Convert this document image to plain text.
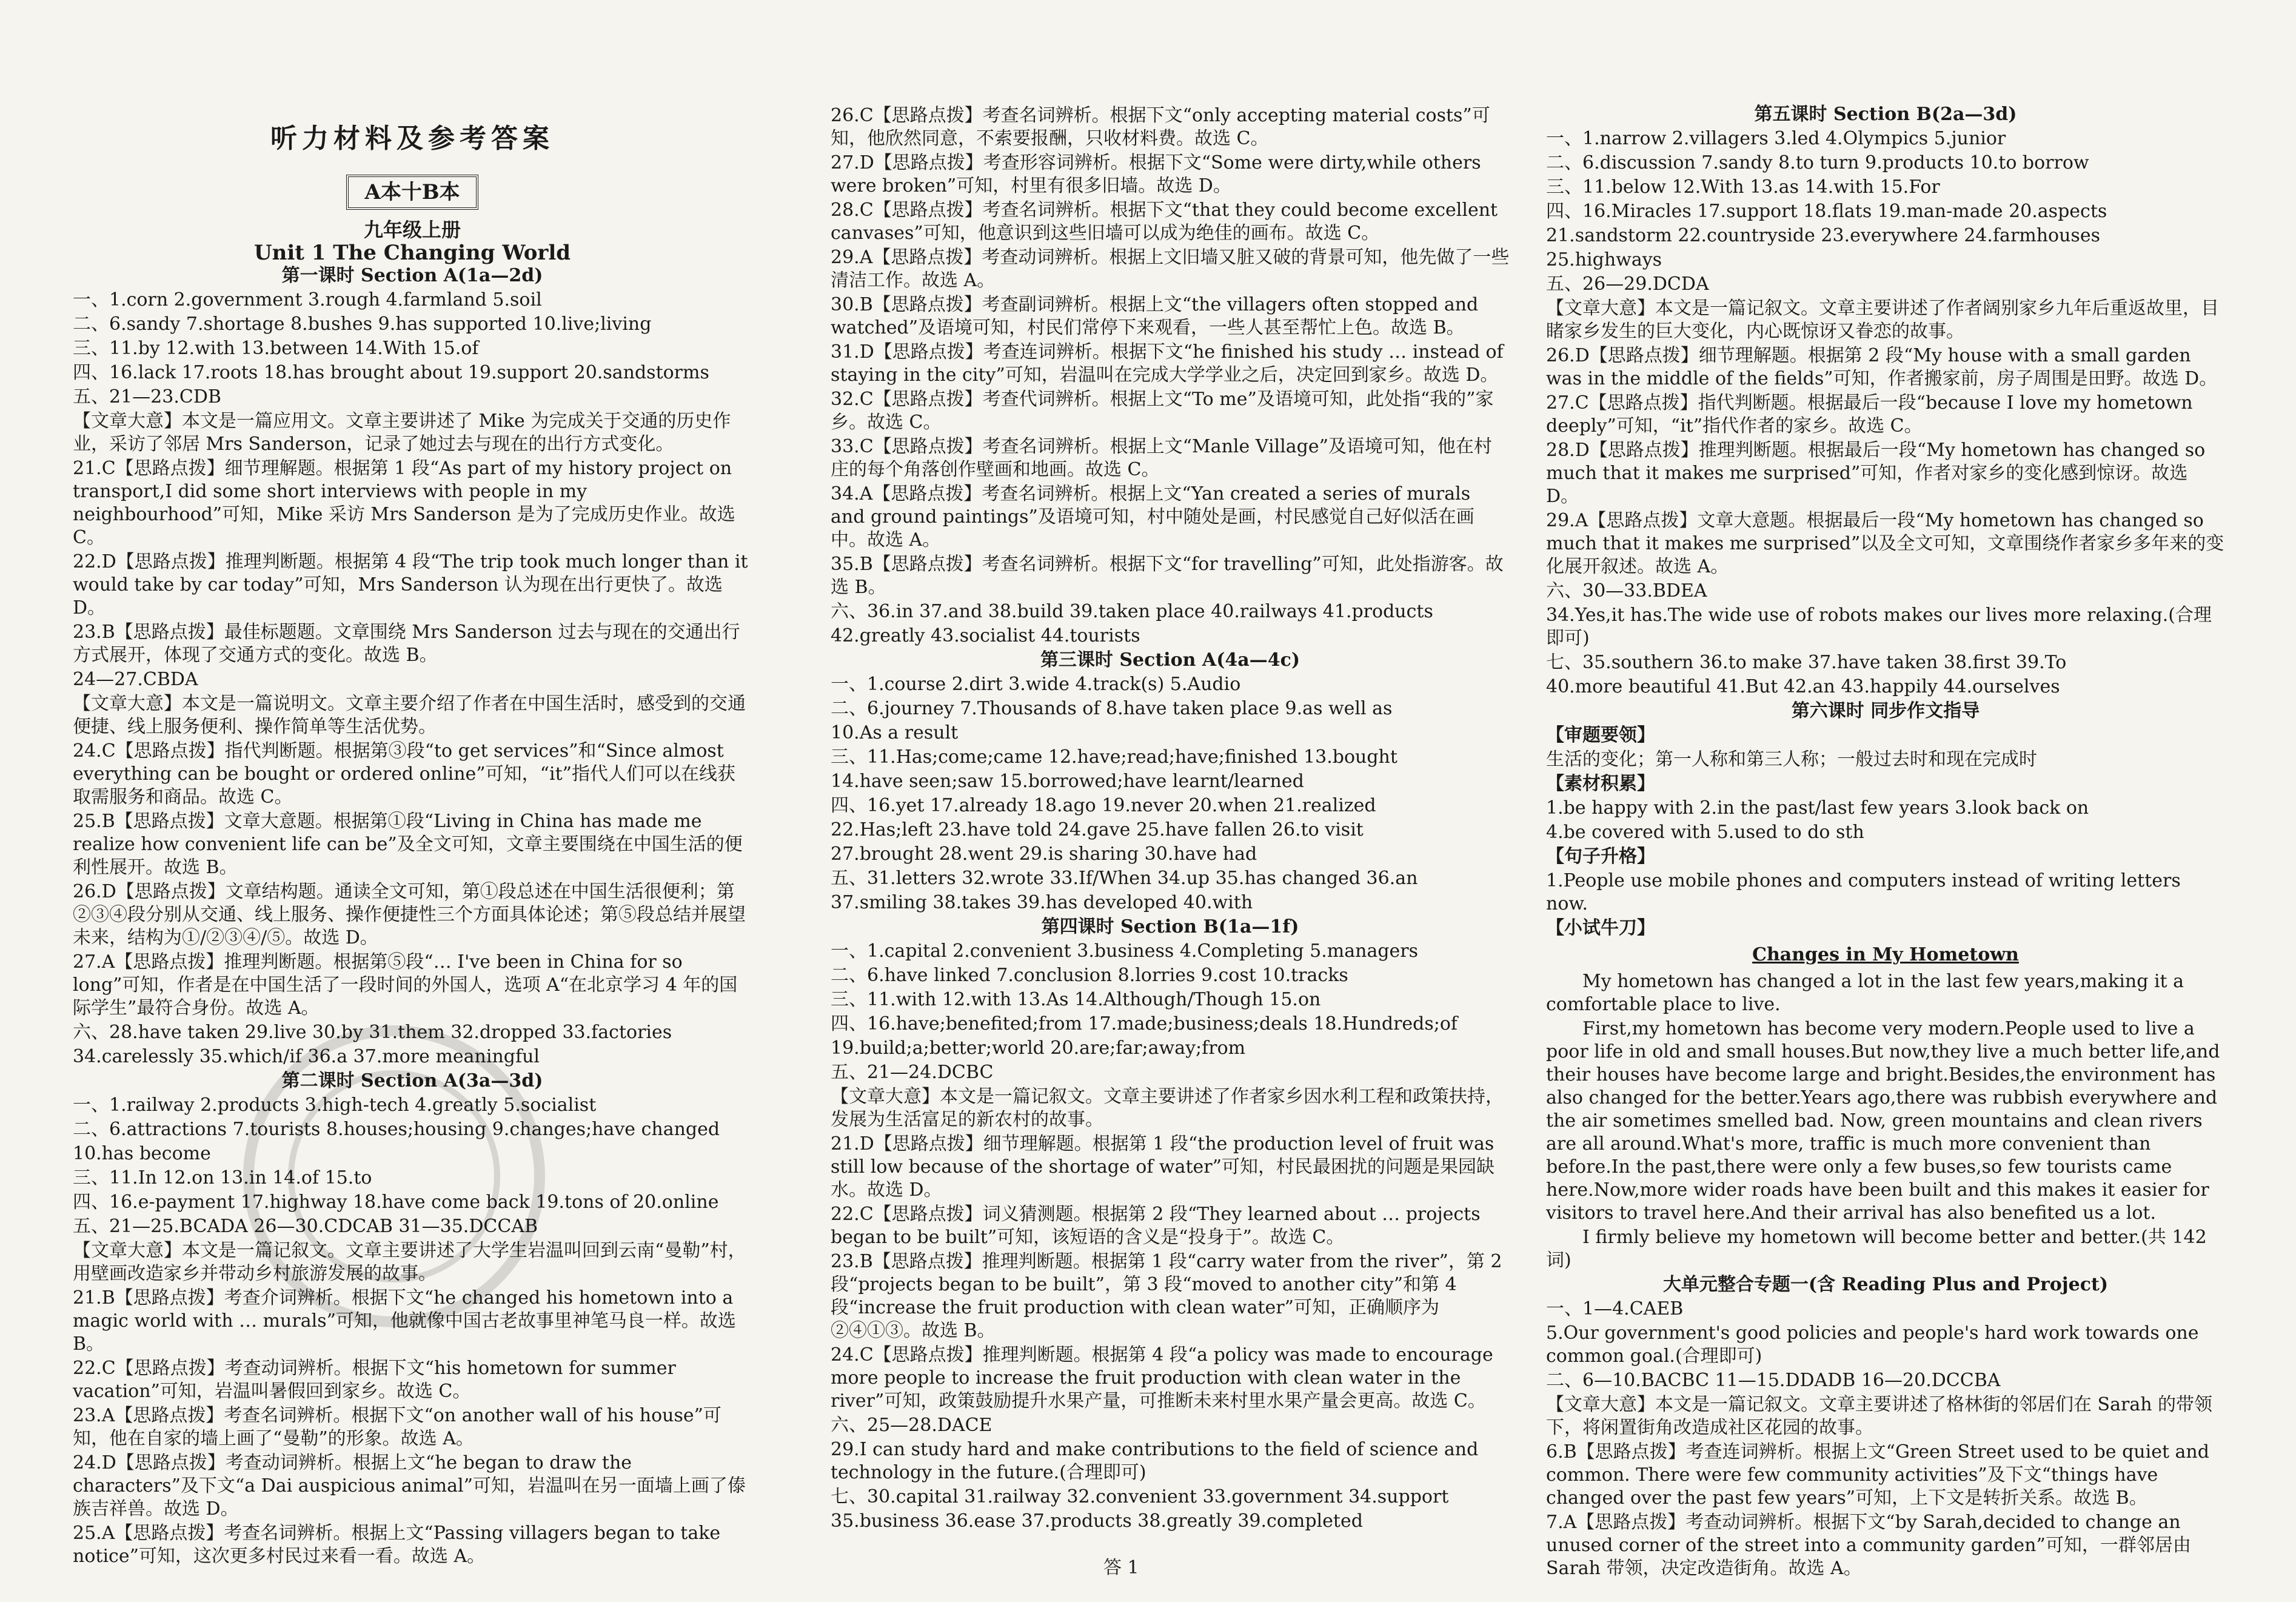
听力材料及参考答案
A本十B本
九年级上册
Unit 1 The Changing World
第一课时 Section A(1a—2d)
一、1.corn 2.government 3.rough 4.farmland 5.soil
二、6.sandy 7.shortage 8.bushes 9.has supported 10.live;living
三、11.by 12.with 13.between 14.With 15.of
四、16.lack 17.roots 18.has brought about 19.support 20.sandstorms
五、21—23.CDB
【文章大意】本文是一篇应用文。文章主要讲述了 Mike 为完成关于交通的历史作业，采访了邻居 Mrs Sanderson，记录了她过去与现在的出行方式变化。
21.C【思路点拨】细节理解题。根据第 1 段“As part of my history project on transport,I did some short interviews with people in my neighbourhood”可知，Mike 采访 Mrs Sanderson 是为了完成历史作业。故选 C。
22.D【思路点拨】推理判断题。根据第 4 段“The trip took much longer than it would take by car today”可知，Mrs Sanderson 认为现在出行更快了。故选 D。
23.B【思路点拨】最佳标题题。文章围绕 Mrs Sanderson 过去与现在的交通出行方式展开，体现了交通方式的变化。故选 B。
24—27.CBDA
【文章大意】本文是一篇说明文。文章主要介绍了作者在中国生活时，感受到的交通便捷、线上服务便利、操作简单等生活优势。
24.C【思路点拨】指代判断题。根据第③段“to get services”和“Since almost everything can be bought or ordered online”可知，“it”指代人们可以在线获取需服务和商品。故选 C。
25.B【思路点拨】文章大意题。根据第①段“Living in China has made me realize how convenient life can be”及全文可知，文章主要围绕在中国生活的便利性展开。故选 B。
26.D【思路点拨】文章结构题。通读全文可知，第①段总述在中国生活很便利；第②③④段分别从交通、线上服务、操作便捷性三个方面具体论述；第⑤段总结并展望未来，结构为①/②③④/⑤。故选 D。
27.A【思路点拨】推理判断题。根据第⑤段“… I've been in China for so long”可知，作者是在中国生活了一段时间的外国人，选项 A“在北京学习 4 年的国际学生”最符合身份。故选 A。
六、28.have taken 29.live 30.by 31.them 32.dropped 33.factories
34.carelessly 35.which/if 36.a 37.more meaningful
第二课时 Section A(3a—3d)
一、1.railway 2.products 3.high-tech 4.greatly 5.socialist
二、6.attractions 7.tourists 8.houses;housing 9.changes;have changed
10.has become
三、11.In 12.on 13.in 14.of 15.to
四、16.e-payment 17.highway 18.have come back 19.tons of 20.online
五、21—25.BCADA 26—30.CDCAB 31—35.DCCAB
【文章大意】本文是一篇记叙文。文章主要讲述了大学生岩温叫回到云南“曼勒”村，用壁画改造家乡并带动乡村旅游发展的故事。
21.B【思路点拨】考查介词辨析。根据下文“he changed his hometown into a magic world with … murals”可知，他就像中国古老故事里神笔马良一样。故选 B。
22.C【思路点拨】考查动词辨析。根据下文“his hometown for summer vacation”可知，岩温叫暑假回到家乡。故选 C。
23.A【思路点拨】考查名词辨析。根据下文“on another wall of his house”可知，他在自家的墙上画了“曼勒”的形象。故选 A。
24.D【思路点拨】考查动词辨析。根据上文“he began to draw the characters”及下文“a Dai auspicious animal”可知，岩温叫在另一面墙上画了傣族吉祥兽。故选 D。
25.A【思路点拨】考查名词辨析。根据上文“Passing villagers began to take notice”可知，这次更多村民过来看一看。故选 A。
26.C【思路点拨】考查名词辨析。根据下文“only accepting material costs”可知，他欣然同意，不索要报酬，只收材料费。故选 C。
27.D【思路点拨】考查形容词辨析。根据下文“Some were dirty,while others were broken”可知，村里有很多旧墙。故选 D。
28.C【思路点拨】考查名词辨析。根据下文“that they could become excellent canvases”可知，他意识到这些旧墙可以成为绝佳的画布。故选 C。
29.A【思路点拨】考查动词辨析。根据上文旧墙又脏又破的背景可知，他先做了一些清洁工作。故选 A。
30.B【思路点拨】考查副词辨析。根据上文“the villagers often stopped and watched”及语境可知，村民们常停下来观看，一些人甚至帮忙上色。故选 B。
31.D【思路点拨】考查连词辨析。根据下文“he finished his study … instead of staying in the city”可知，岩温叫在完成大学学业之后，决定回到家乡。故选 D。
32.C【思路点拨】考查代词辨析。根据上文“To me”及语境可知，此处指“我的”家乡。故选 C。
33.C【思路点拨】考查名词辨析。根据上文“Manle Village”及语境可知，他在村庄的每个角落创作壁画和地画。故选 C。
34.A【思路点拨】考查名词辨析。根据上文“Yan created a series of murals and ground paintings”及语境可知，村中随处是画，村民感觉自己好似活在画中。故选 A。
35.B【思路点拨】考查名词辨析。根据下文“for travelling”可知，此处指游客。故选 B。
六、36.in 37.and 38.build 39.taken place 40.railways 41.products
42.greatly 43.socialist 44.tourists
第三课时 Section A(4a—4c)
一、1.course 2.dirt 3.wide 4.track(s) 5.Audio
二、6.journey 7.Thousands of 8.have taken place 9.as well as
10.As a result
三、11.Has;come;came 12.have;read;have;finished 13.bought
14.have seen;saw 15.borrowed;have learnt/learned
四、16.yet 17.already 18.ago 19.never 20.when 21.realized
22.Has;left 23.have told 24.gave 25.have fallen 26.to visit
27.brought 28.went 29.is sharing 30.have had
五、31.letters 32.wrote 33.If/When 34.up 35.has changed 36.an
37.smiling 38.takes 39.has developed 40.with
第四课时 Section B(1a—1f)
一、1.capital 2.convenient 3.business 4.Completing 5.managers
二、6.have linked 7.conclusion 8.lorries 9.cost 10.tracks
三、11.with 12.with 13.As 14.Although/Though 15.on
四、16.have;benefited;from 17.made;business;deals 18.Hundreds;of
19.build;a;better;world 20.are;far;away;from
五、21—24.DCBC
【文章大意】本文是一篇记叙文。文章主要讲述了作者家乡因水利工程和政策扶持，发展为生活富足的新农村的故事。
21.D【思路点拨】细节理解题。根据第 1 段“the production level of fruit was still low because of the shortage of water”可知，村民最困扰的问题是果园缺水。故选 D。
22.C【思路点拨】词义猜测题。根据第 2 段“They learned about … projects began to be built”可知，该短语的含义是“投身于”。故选 C。
23.B【思路点拨】推理判断题。根据第 1 段“carry water from the river”，第 2 段“projects began to be built”，第 3 段“moved to another city”和第 4 段“increase the fruit production with clean water”可知，正确顺序为②④①③。故选 B。
24.C【思路点拨】推理判断题。根据第 4 段“a policy was made to encourage more people to increase the fruit production with clean water in the river”可知，政策鼓励提升水果产量，可推断未来村里水果产量会更高。故选 C。
六、25—28.DACE
29.I can study hard and make contributions to the field of science and technology in the future.(合理即可)
七、30.capital 31.railway 32.convenient 33.government 34.support
35.business 36.ease 37.products 38.greatly 39.completed
第五课时 Section B(2a—3d)
一、1.narrow 2.villagers 3.led 4.Olympics 5.junior
二、6.discussion 7.sandy 8.to turn 9.products 10.to borrow
三、11.below 12.With 13.as 14.with 15.For
四、16.Miracles 17.support 18.flats 19.man-made 20.aspects
21.sandstorm 22.countryside 23.everywhere 24.farmhouses
25.highways
五、26—29.DCDA
【文章大意】本文是一篇记叙文。文章主要讲述了作者阔别家乡九年后重返故里，目睹家乡发生的巨大变化，内心既惊讶又眷恋的故事。
26.D【思路点拨】细节理解题。根据第 2 段“My house with a small garden was in the middle of the fields”可知，作者搬家前，房子周围是田野。故选 D。
27.C【思路点拨】指代判断题。根据最后一段“because I love my hometown deeply”可知，“it”指代作者的家乡。故选 C。
28.D【思路点拨】推理判断题。根据最后一段“My hometown has changed so much that it makes me surprised”可知，作者对家乡的变化感到惊讶。故选 D。
29.A【思路点拨】文章大意题。根据最后一段“My hometown has changed so much that it makes me surprised”以及全文可知，文章围绕作者家乡多年来的变化展开叙述。故选 A。
六、30—33.BDEA
34.Yes,it has.The wide use of robots makes our lives more relaxing.(合理即可)
七、35.southern 36.to make 37.have taken 38.first 39.To
40.more beautiful 41.But 42.an 43.happily 44.ourselves
第六课时 同步作文指导
【审题要领】
生活的变化；第一人称和第三人称；一般过去时和现在完成时
【素材积累】
1.be happy with 2.in the past/last few years 3.look back on
4.be covered with 5.used to do sth
【句子升格】
1.People use mobile phones and computers instead of writing letters now.
【小试牛刀】
Changes in My Hometown
My hometown has changed a lot in the last few years,making it a comfortable place to live.
First,my hometown has become very modern.People used to live a poor life in old and small houses.But now,they live a much better life,and their houses have become large and bright.Besides,the environment has also changed for the better.Years ago,there was rubbish everywhere and the air sometimes smelled bad. Now, green mountains and clean rivers are all around.What's more, traffic is much more convenient than before.In the past,there were only a few buses,so few tourists came here.Now,more wider roads have been built and this makes it easier for visitors to travel here.And their arrival has also benefited us a lot.
I firmly believe my hometown will become better and better.(共 142 词)
大单元整合专题一(含 Reading Plus and Project)
一、1—4.CAEB
5.Our government's good policies and people's hard work towards one common goal.(合理即可)
二、6—10.BACBC 11—15.DDADB 16—20.DCCBA
【文章大意】本文是一篇记叙文。文章主要讲述了格林街的邻居们在 Sarah 的带领下，将闲置街角改造成社区花园的故事。
6.B【思路点拨】考查连词辨析。根据上文“Green Street used to be quiet and common. There were few community activities”及下文“things have changed over the past few years”可知，上下文是转折关系。故选 B。
7.A【思路点拨】考查动词辨析。根据下文“by Sarah,decided to change an unused corner of the street into a community garden”可知，一群邻居由 Sarah 带领，决定改造街角。故选 A。
答 1
